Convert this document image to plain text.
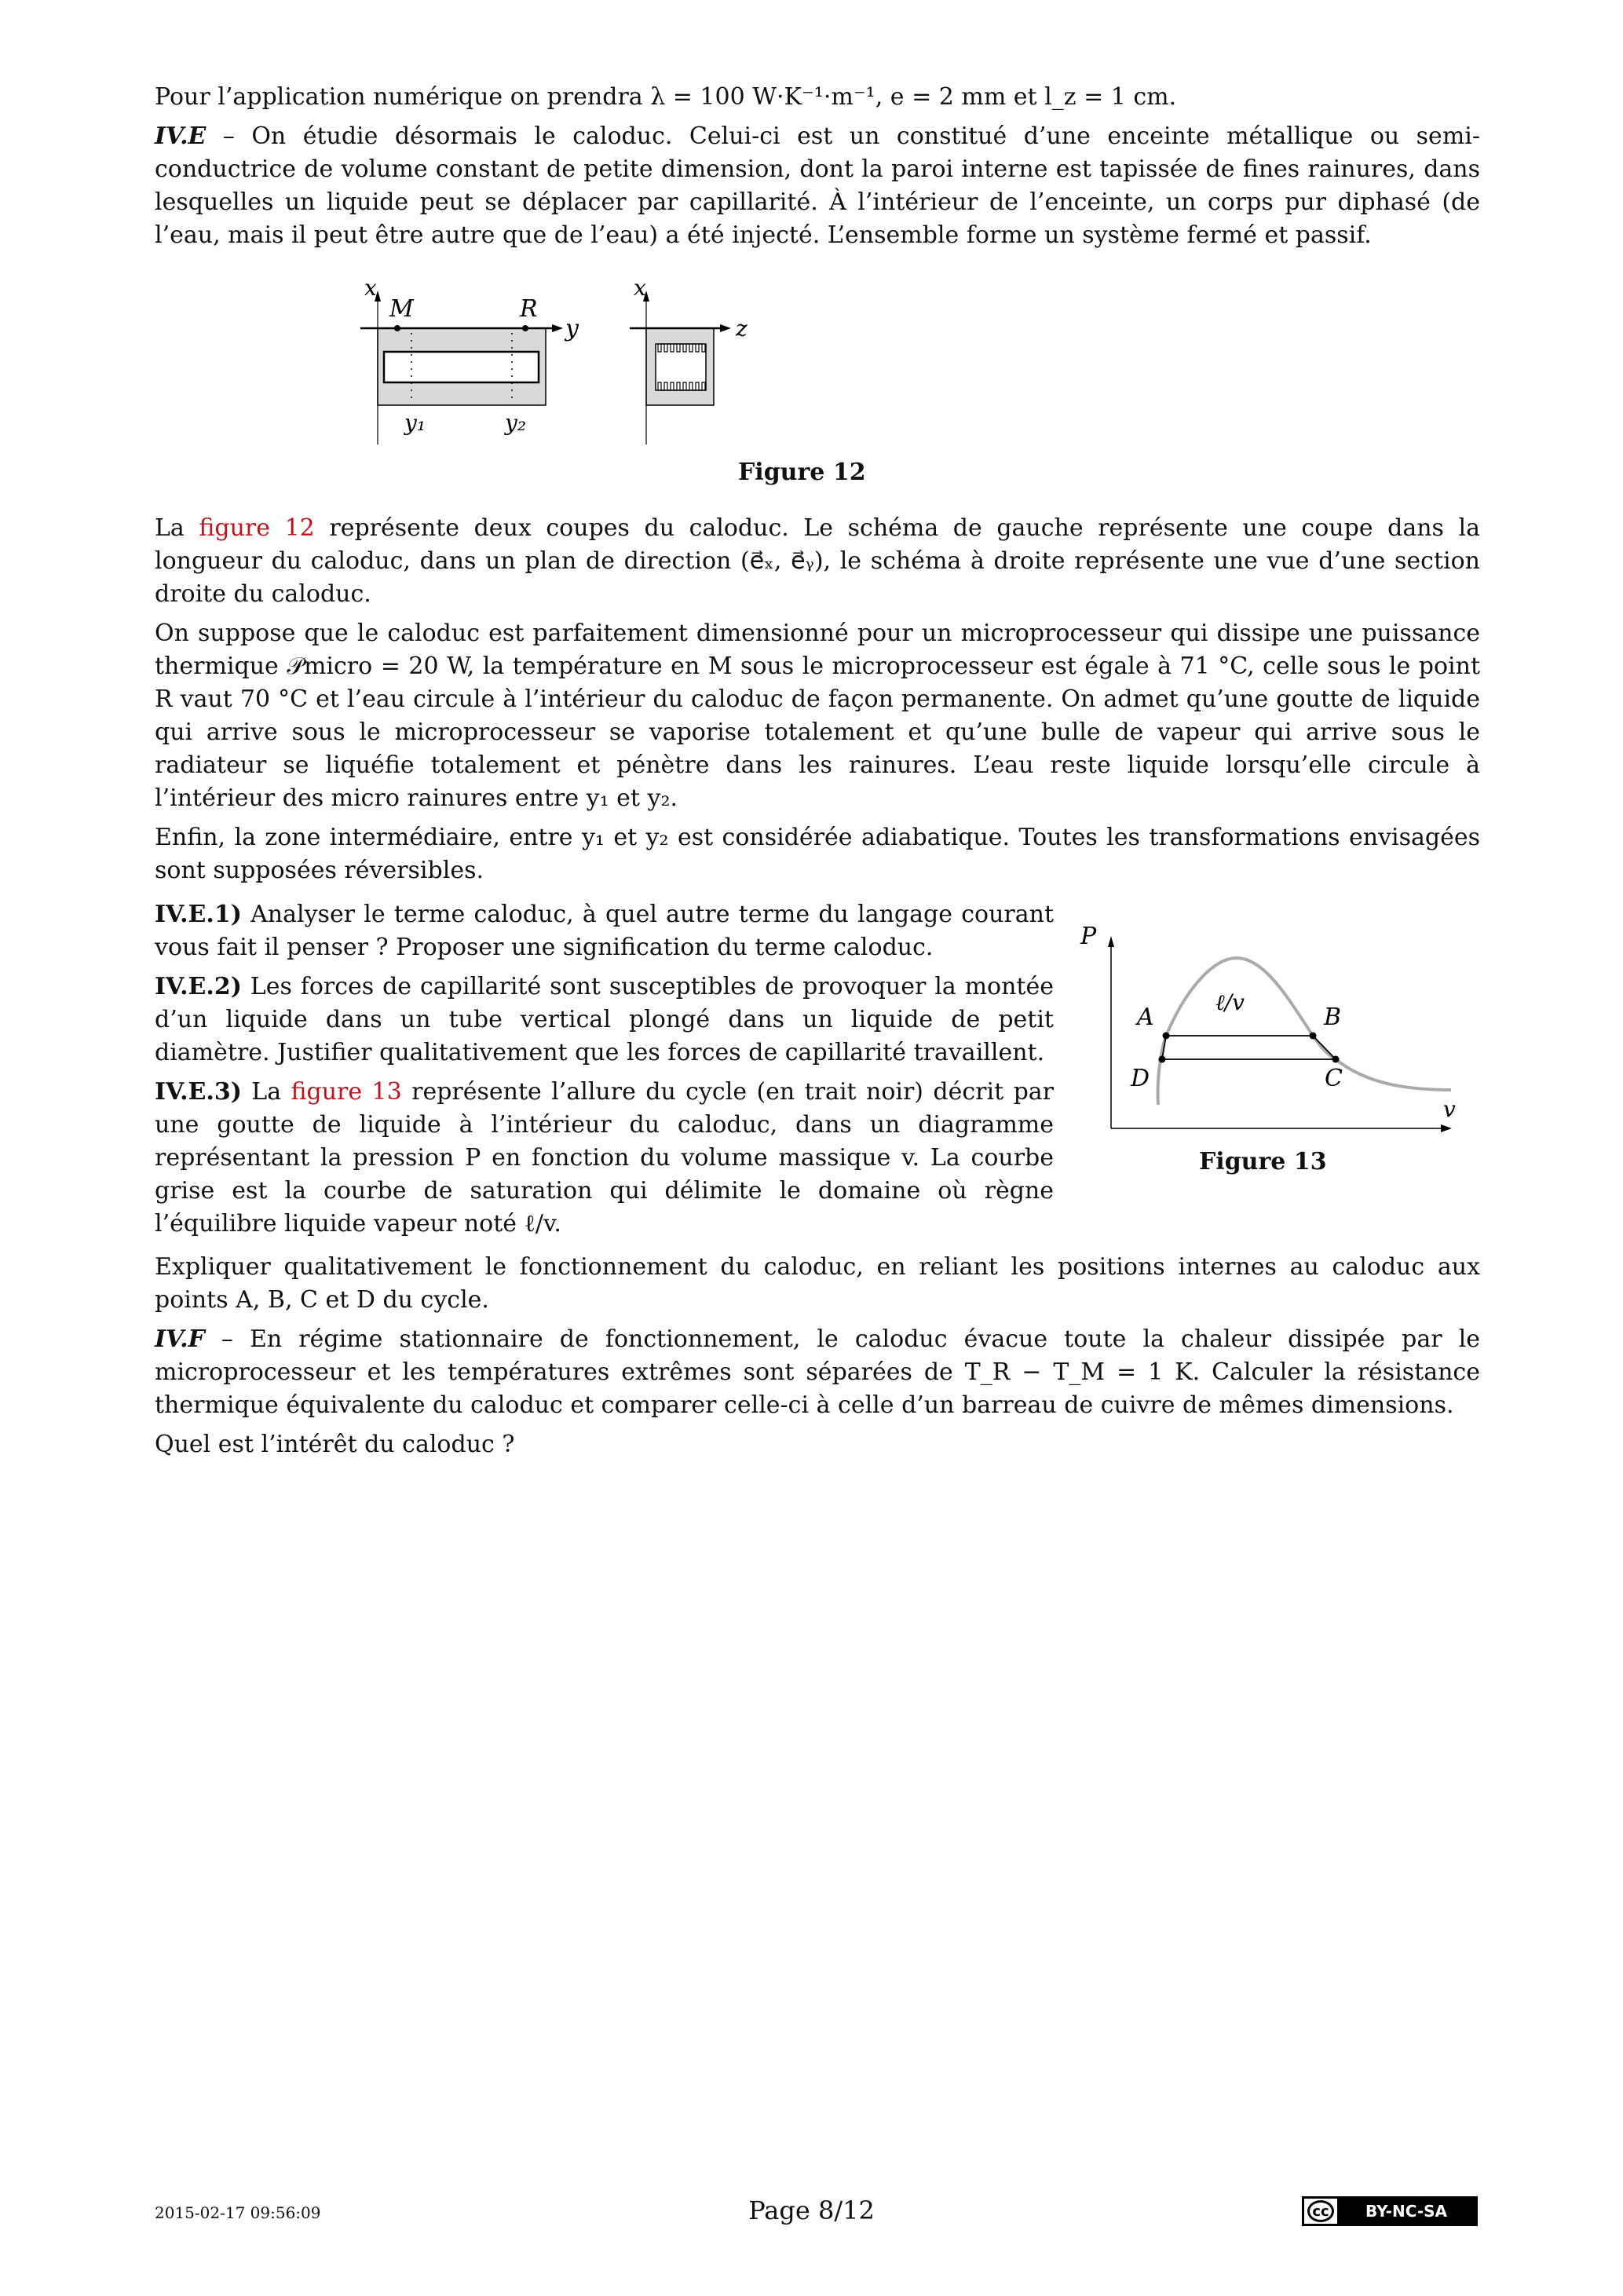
Pour l’application numérique on prendra λ = 100 W·K⁻¹·m⁻¹, e = 2 mm et l_z = 1 cm.

IV.E – On étudie désormais le caloduc. Celui-ci est un constitué d’une enceinte métallique ou semi-conductrice de volume constant de petite dimension, dont la paroi interne est tapissée de fines rainures, dans lesquelles un liquide peut se déplacer par capillarité. À l’intérieur de l’enceinte, un corps pur diphasé (de l’eau, mais il peut être autre que de l’eau) a été injecté. L’ensemble forme un système fermé et passif.

x
M	R
y
y₁	y₂
x
z
Figure 12

La figure 12 représente deux coupes du caloduc. Le schéma de gauche représente une coupe dans la longueur du caloduc, dans un plan de direction (e⃗ₓ, e⃗ᵧ), le schéma à droite représente une vue d’une section droite du caloduc.

On suppose que le caloduc est parfaitement dimensionné pour un microprocesseur qui dissipe une puissance thermique 𝒫micro = 20 W, la température en M sous le microprocesseur est égale à 71 °C, celle sous le point R vaut 70 °C et l’eau circule à l’intérieur du caloduc de façon permanente. On admet qu’une goutte de liquide qui arrive sous le microprocesseur se vaporise totalement et qu’une bulle de vapeur qui arrive sous le radiateur se liquéfie totalement et pénètre dans les rainures. L’eau reste liquide lorsqu’elle circule à l’intérieur des micro rainures entre y₁ et y₂.

Enfin, la zone intermédiaire, entre y₁ et y₂ est considérée adiabatique. Toutes les transformations envisagées sont supposées réversibles.

IV.E.1) Analyser le terme caloduc, à quel autre terme du langage courant vous fait il penser ? Proposer une signification du terme caloduc.

IV.E.2) Les forces de capillarité sont susceptibles de provoquer la montée d’un liquide dans un tube vertical plongé dans un liquide de petit diamètre. Justifier qualitativement que les forces de capillarité travaillent.

IV.E.3) La figure 13 représente l’allure du cycle (en trait noir) décrit par une goutte de liquide à l’intérieur du caloduc, dans un diagramme représentant la pression P en fonction du volume massique v. La courbe grise est la courbe de saturation qui délimite le domaine où règne l’équilibre liquide vapeur noté ℓ/v.

P
v
ℓ/v
A	B
C
D
Figure 13

Expliquer qualitativement le fonctionnement du caloduc, en reliant les positions internes au caloduc aux points A, B, C et D du cycle.

IV.F – En régime stationnaire de fonctionnement, le caloduc évacue toute la chaleur dissipée par le microprocesseur et les températures extrêmes sont séparées de T_R − T_M = 1 K. Calculer la résistance thermique équivalente du caloduc et comparer celle-ci à celle d’un barreau de cuivre de mêmes dimensions.

Quel est l’intérêt du caloduc ?

2015-02-17 09:56:09	Page 8/12	cc	BY-NC-SA
